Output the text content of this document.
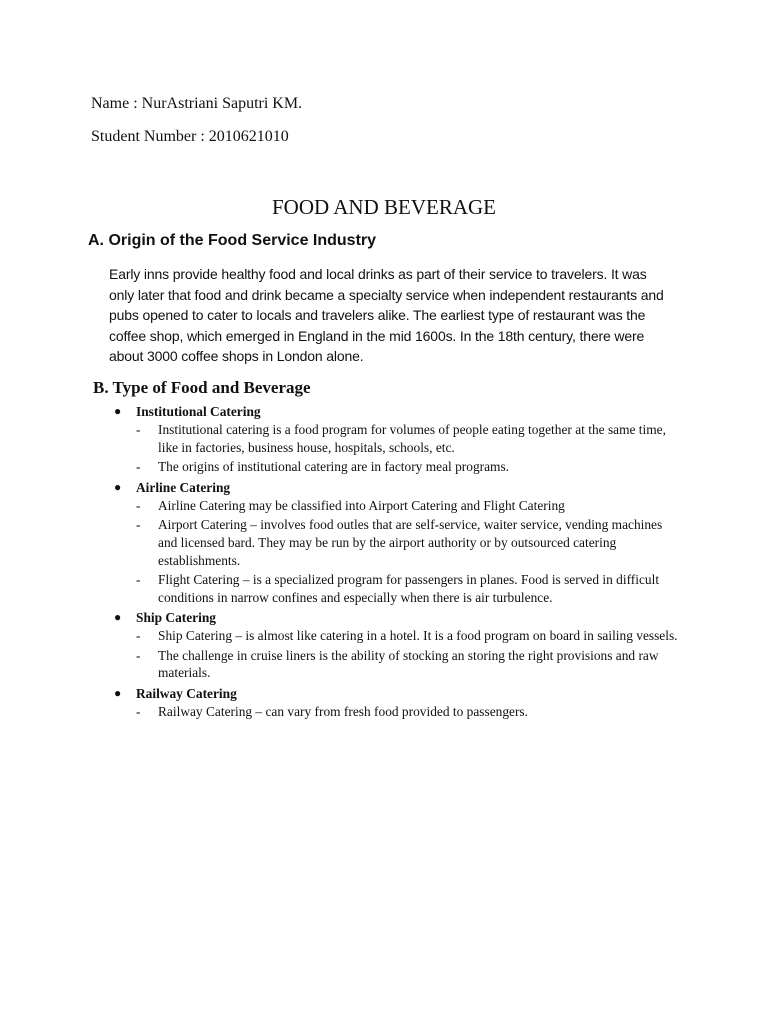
Name : NurAstriani Saputri KM.
Student Number : 2010621010
FOOD AND BEVERAGE
A. Origin of the Food Service Industry
Early inns provide healthy food and local drinks as part of their service to travelers. It was only later that food and drink became a specialty service when independent restaurants and pubs opened to cater to locals and travelers alike. The earliest type of restaurant was the coffee shop, which emerged in England in the mid 1600s. In the 18th century, there were about 3000 coffee shops in London alone.
B. Type of Food and Beverage
● Institutional Catering
- Institutional catering is a food program for volumes of people eating together at the same time, like in factories, business house, hospitals, schools, etc.
- The origins of institutional catering are in factory meal programs.
● Airline Catering
- Airline Catering may be classified into Airport Catering and Flight Catering
- Airport Catering – involves food outles that are self-service, waiter service, vending machines and licensed bard. They may be run by the airport authority or by outsourced catering establishments.
- Flight Catering – is a specialized program for passengers in planes. Food is served in difficult conditions in narrow confines and especially when there is air turbulence.
● Ship Catering
- Ship Catering – is almost like catering in a hotel. It is a food program on board in sailing vessels.
- The challenge in cruise liners is the ability of stocking an storing the right provisions and raw materials.
● Railway Catering
- Railway Catering – can vary from fresh food provided to passengers.
